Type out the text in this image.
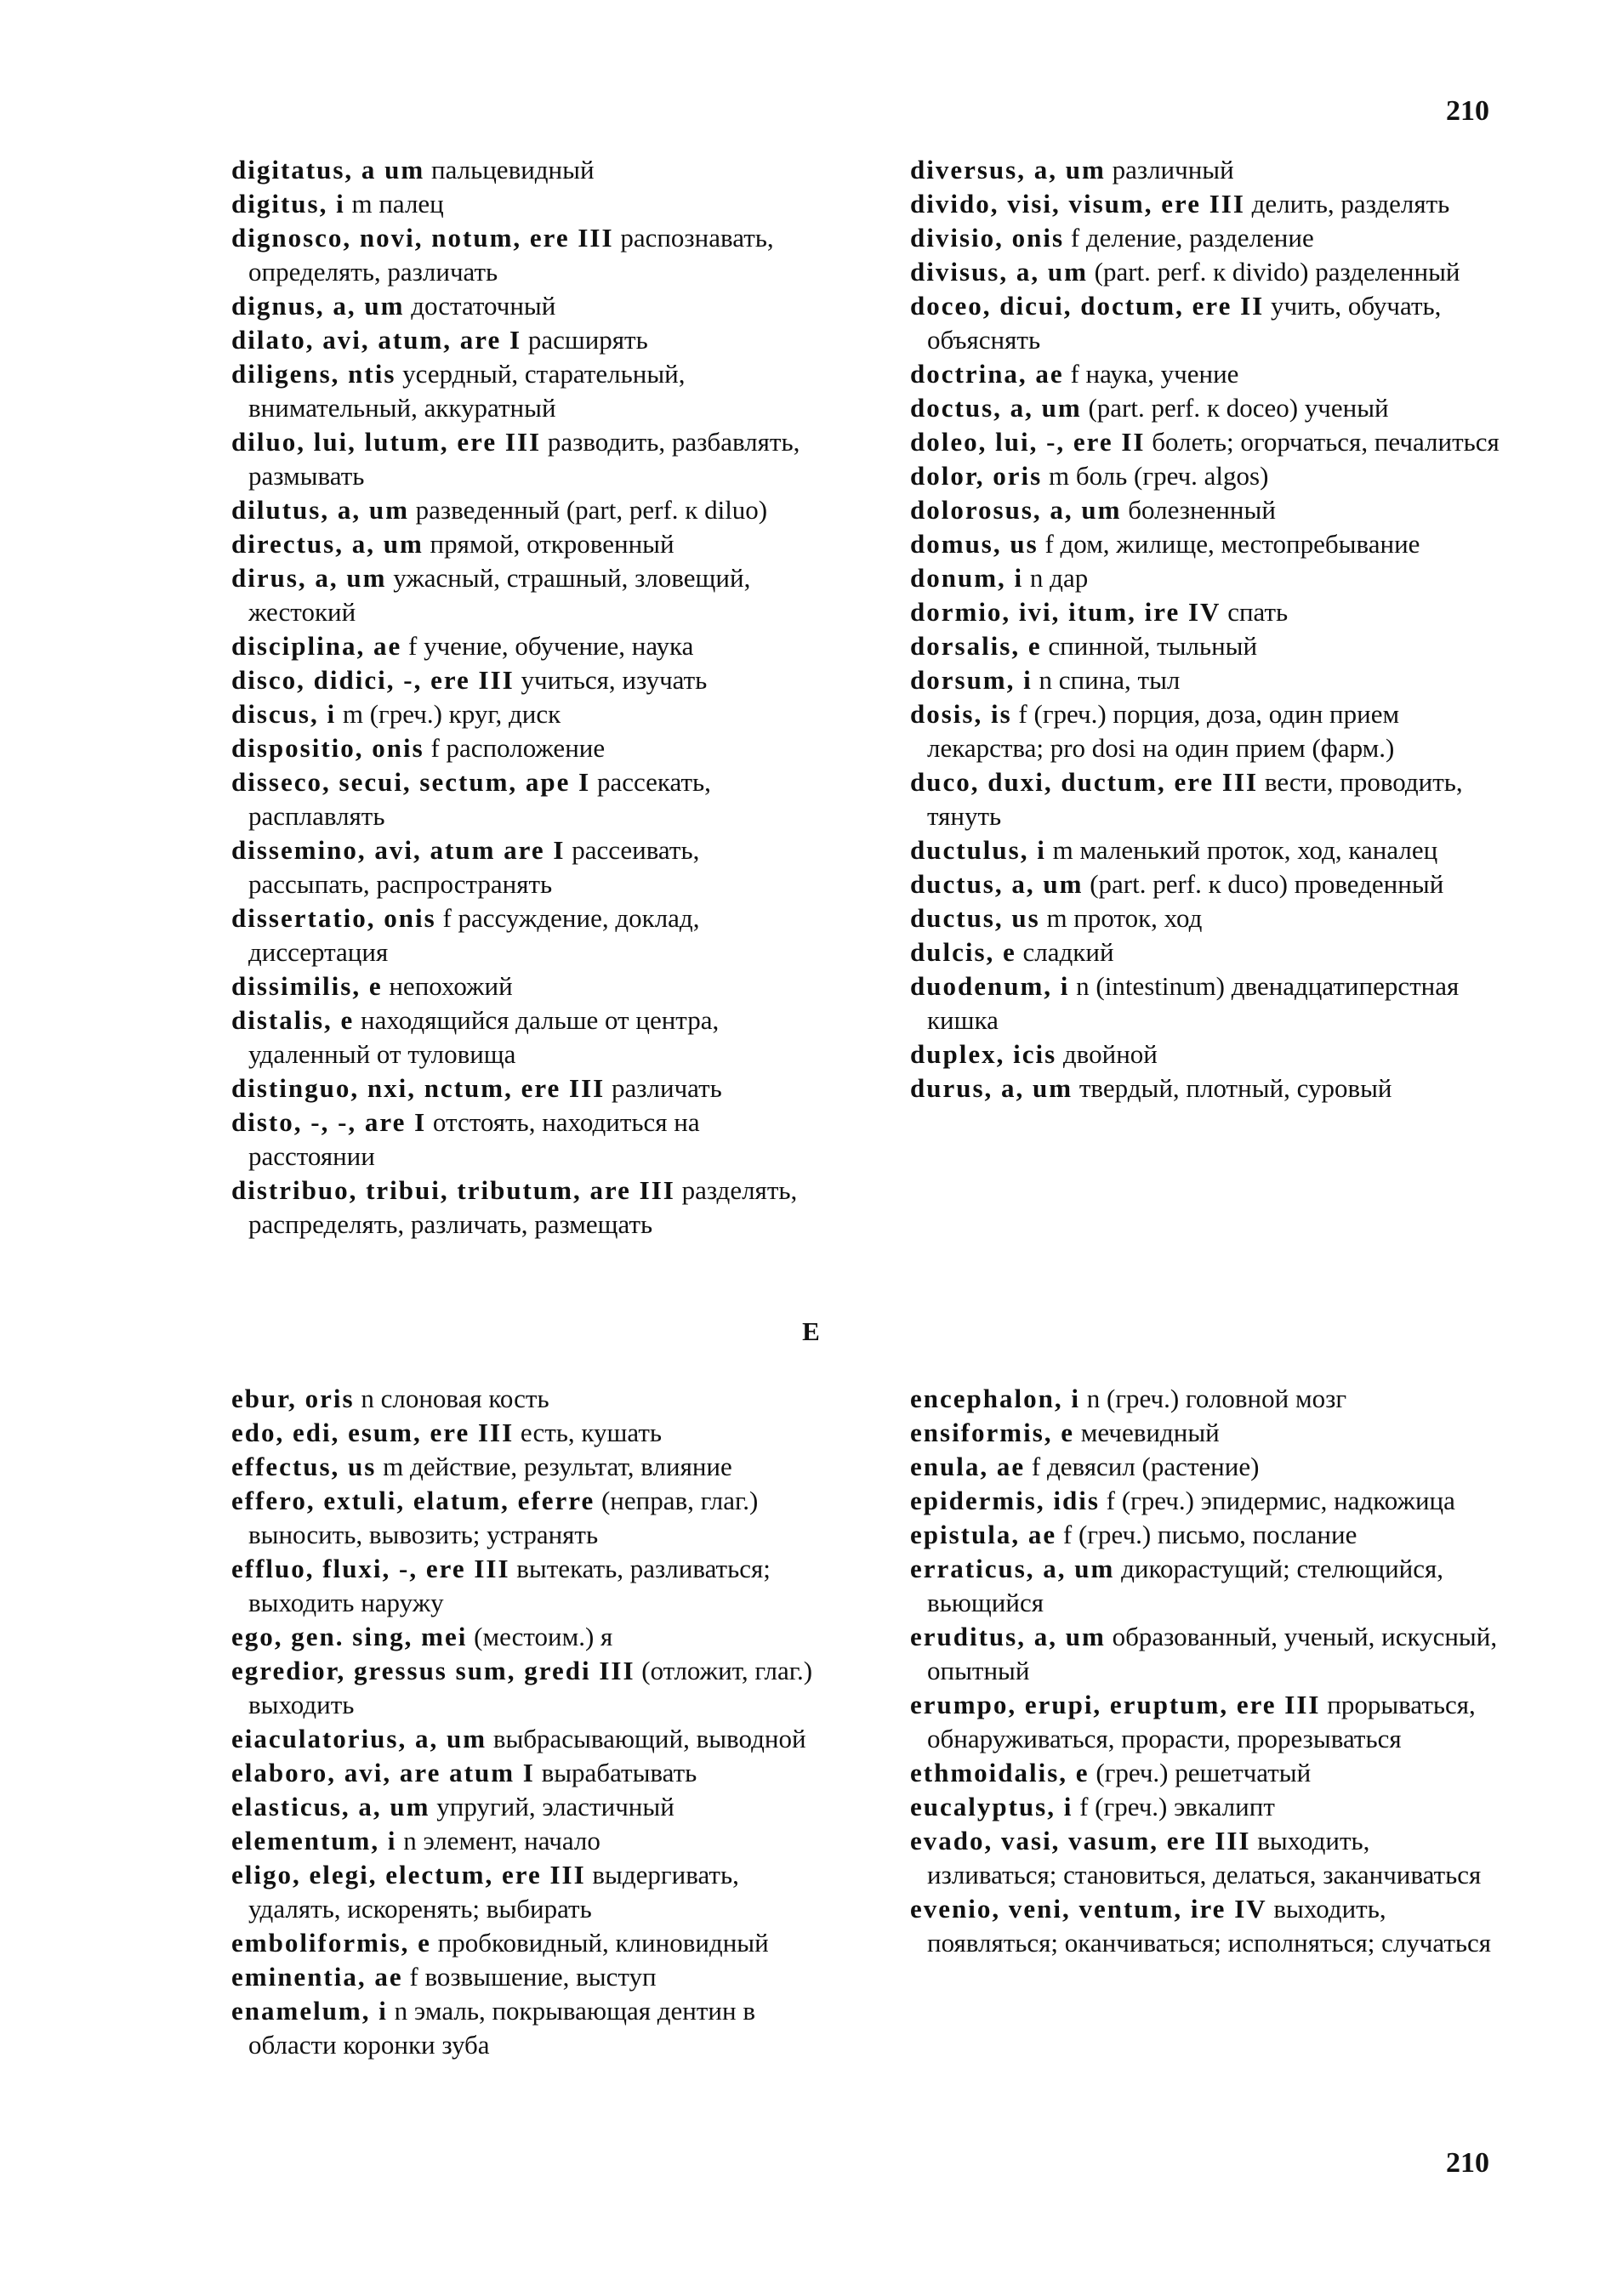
210

digitatus, a um пальцевидный

digitus, i m палец

dignosco, novi, notum, ere III распознавать, определять, различать

dignus, a, um достаточный

dilato, avi, atum, are I расширять

diligens, ntis усердный, старательный, внимательный, аккуратный

diluo, lui, lutum, ere III разводить, разбавлять, размывать

dilutus, a, um разведенный (part, perf. к diluo)

directus, a, um прямой, откровенный

dirus, a, um ужасный, страшный, зловещий, жестокий

disciplina, ae f учение, обучение, наука

disco, didici, -, ere III учиться, изучать

discus, i m (греч.) круг, диск

dispositio, onis f расположение

disseco, secui, sectum, ape I рассекать, расплавлять

dissemino, avi, atum are I рассеивать, рассыпать, распространять

dissertatio, onis f рассуждение, доклад, диссертация

dissimilis, e непохожий

distalis, e находящийся дальше от центра, удаленный от туловища

distinguo, nxi, nctum, ere III различать

disto, -, -, are I отстоять, находиться на расстоянии

distribuo, tribui, tributum, are III разделять, распределять, различать, размещать

diversus, a, um различный

divido, visi, visum, ere III делить, разделять

divisio, onis f деление, разделение

divisus, a, um (part. perf. к divido) разделенный

doceo, dicui, doctum, ere II учить, обучать, объяснять

doctrina, ae f наука, учение

doctus, a, um (part. perf. к doceo) ученый

doleo, lui, -, ere II болеть; огорчаться, печалиться

dolor, oris m боль (греч. algos)

dolorosus, a, um болезненный

domus, us f дом, жилище, местопребывание

donum, i n дар

dormio, ivi, itum, ire IV спать

dorsalis, e спинной, тыльный

dorsum, i n спина, тыл

dosis, is f (греч.) порция, доза, один прием лекарства; pro dosi на один прием (фарм.)

duco, duxi, ductum, ere III вести, проводить, тянуть

ductulus, i m маленький проток, ход, каналец

ductus, a, um (part. perf. к duco) проведенный

ductus, us m проток, ход

dulcis, e сладкий

duodenum, i n (intestinum) двенадцатиперстная кишка

duplex, icis двойной

durus, a, um твердый, плотный, суровый

E

ebur, oris n слоновая кость

edo, edi, esum, ere III есть, кушать

effectus, us m действие, результат, влияние

effero, extuli, elatum, eferre (неправ, глаг.) выносить, вывозить; устранять

effluo, fluxi, -, ere III вытекать, разливаться; выходить наружу

ego, gen. sing, mei (местоим.) я

egredior, gressus sum, gredi III (отложит, глаг.) выходить

eiaculatorius, a, um выбрасывающий, выводной

elaboro, avi, are atum I вырабатывать

elasticus, a, um упругий, эластичный

elementum, i n элемент, начало

eligo, elegi, electum, ere III выдергивать, удалять, искоренять; выбирать

emboliformis, e пробковидный, клиновидный

eminentia, ae f возвышение, выступ

enamelum, i n эмаль, покрывающая дентин в области коронки зуба

encephalon, i n (греч.) головной мозг

ensiformis, e мечевидный

enula, ae f девясил (растение)

epidermis, idis f (греч.) эпидермис, надкожица

epistula, ae f (греч.) письмо, послание

erraticus, a, um дикорастущий; стелющийся, вьющийся

eruditus, a, um образованный, ученый, искусный, опытный

erumpo, erupi, eruptum, ere III прорываться, обнаруживаться, прорасти, прорезываться

ethmoidalis, e (греч.) решетчатый

eucalyptus, i f (греч.) эвкалипт

evado, vasi, vasum, ere III выходить, изливаться; становиться, делаться, заканчиваться

evenio, veni, ventum, ire IV выходить, появляться; оканчиваться; исполняться; случаться

210
